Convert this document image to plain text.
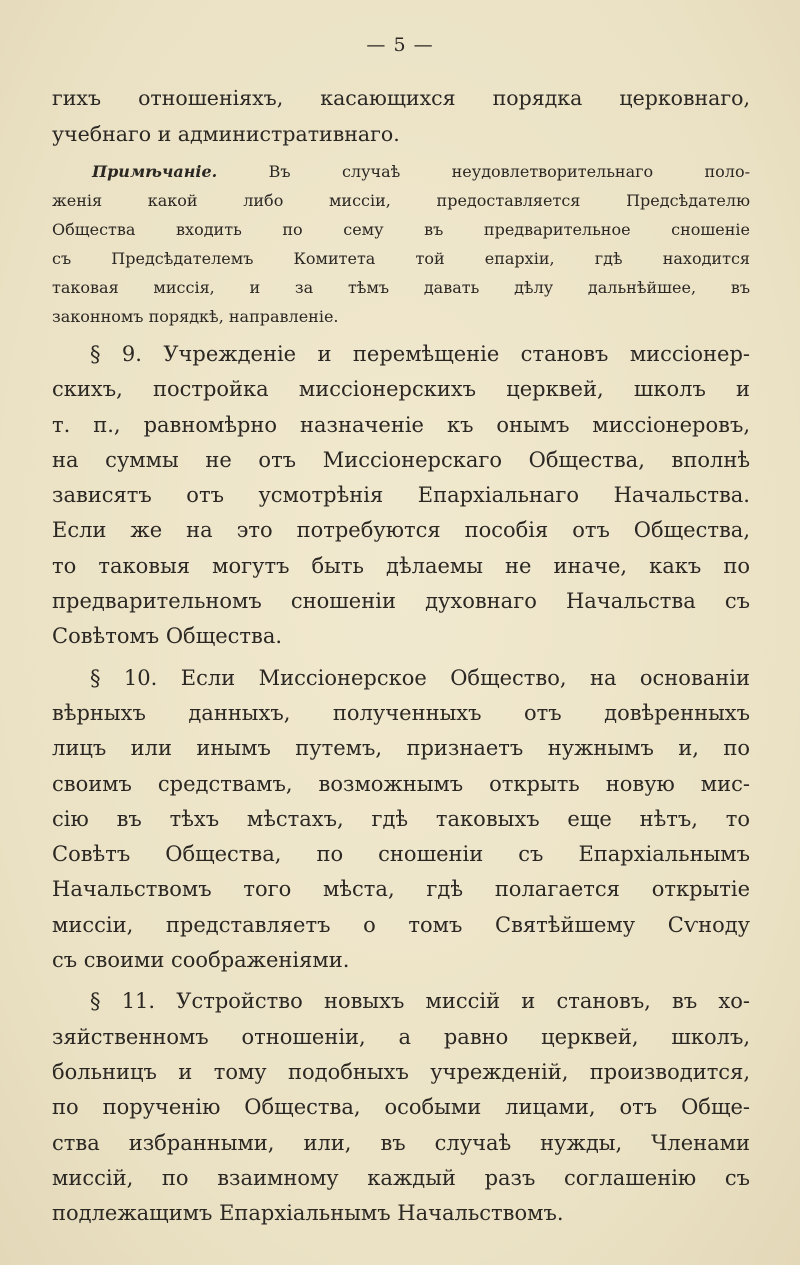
— 5 —
гихъ отношеніяхъ, касающихся порядка церковнаго,
учебнаго и административнаго.
Примѣчаніе.	Въ случаѣ неудовлетворительнаго поло-
женія какой либо миссіи, предоставляется Предсѣдателю
Общества входить по сему въ предварительное сношеніе
съ Предсѣдателемъ Комитета той епархіи, гдѣ находится
таковая миссія, и за тѣмъ давать дѣлу дальнѣйшее, въ
законномъ порядкѣ, направленіе.
§ 9. Учрежденіе и перемѣщеніе становъ миссіонер-
скихъ, постройка миссіонерскихъ церквей, школъ и
т. п., равномѣрно назначеніе къ онымъ миссіонеровъ,
на суммы не отъ Миссіонерскаго Общества, вполнѣ
зависятъ отъ усмотрѣнія Епархіальнаго Начальства.
Если же на это потребуются пособія отъ Общества,
то таковыя могутъ быть дѣлаемы не иначе, какъ по
предварительномъ сношеніи духовнаго Начальства съ
Совѣтомъ Общества.
§ 10. Если Миссіонерское Общество, на основаніи
вѣрныхъ данныхъ, полученныхъ отъ довѣренныхъ
лицъ или инымъ путемъ, признаетъ нужнымъ и, по
своимъ средствамъ, возможнымъ открыть новую мис-
сію въ тѣхъ мѣстахъ, гдѣ таковыхъ еще нѣтъ, то
Совѣтъ Общества, по сношеніи съ Епархіальнымъ
Начальствомъ того мѣста, гдѣ полагается открытіе
миссіи, представляетъ о томъ Святѣйшему Сѵноду
съ своими соображеніями.
§ 11. Устройство новыхъ миссій и становъ, въ хо-
зяйственномъ отношеніи, а равно церквей, школъ,
больницъ и тому подобныхъ учрежденій, производится,
по порученію Общества, особыми лицами, отъ Обще-
ства избранными, или, въ случаѣ нужды, Членами
миссій, по взаимному каждый разъ соглашенію съ
подлежащимъ Епархіальнымъ Начальствомъ.
